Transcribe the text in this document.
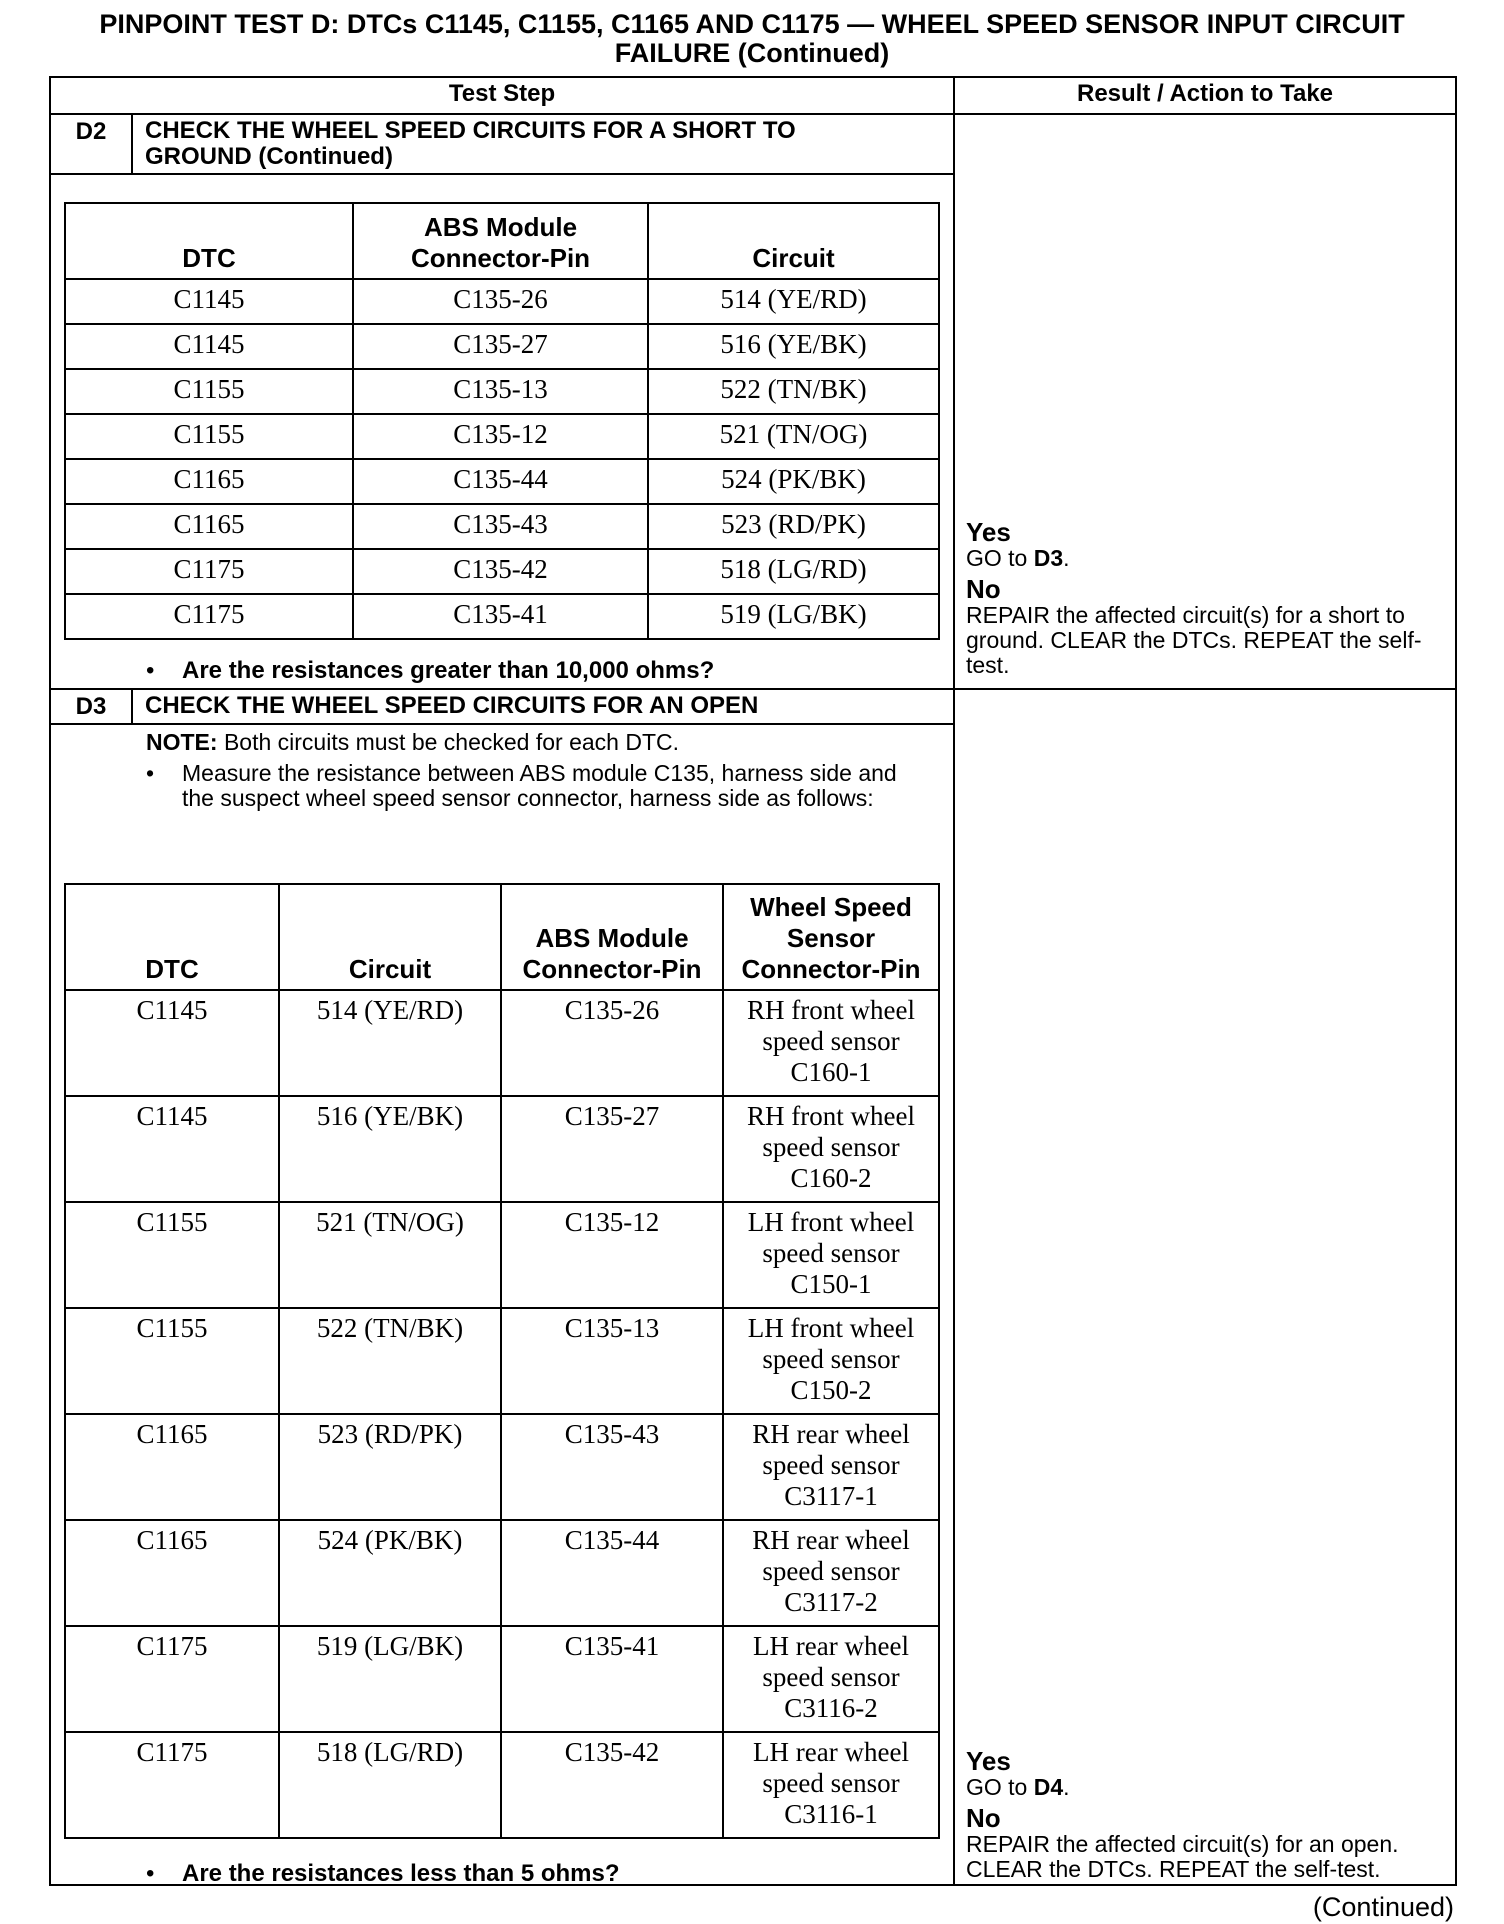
PINPOINT TEST D: DTCs C1145, C1155, C1165 AND C1175 — WHEEL SPEED SENSOR INPUT CIRCUIT
FAILURE (Continued)
Test Step	Result / Action to Take
D2	CHECK THE WHEEL SPEED CIRCUITS FOR A SHORT TO GROUND (Continued)
DTC	ABS Module Connector-Pin	Circuit
C1145	C135-26	514 (YE/RD)
C1145	C135-27	516 (YE/BK)
C1155	C135-13	522 (TN/BK)
C1155	C135-12	521 (TN/OG)
C1165	C135-44	524 (PK/BK)
C1165	C135-43	523 (RD/PK)
C1175	C135-42	518 (LG/RD)
C1175	C135-41	519 (LG/BK)
• Are the resistances greater than 10,000 ohms?
Yes
GO to D3.
No
REPAIR the affected circuit(s) for a short to ground. CLEAR the DTCs. REPEAT the self-test.
D3	CHECK THE WHEEL SPEED CIRCUITS FOR AN OPEN
NOTE: Both circuits must be checked for each DTC.
• Measure the resistance between ABS module C135, harness side and the suspect wheel speed sensor connector, harness side as follows:
DTC	Circuit	ABS Module Connector-Pin	Wheel Speed Sensor Connector-Pin
C1145	514 (YE/RD)	C135-26	RH front wheel speed sensor C160-1
C1145	516 (YE/BK)	C135-27	RH front wheel speed sensor C160-2
C1155	521 (TN/OG)	C135-12	LH front wheel speed sensor C150-1
C1155	522 (TN/BK)	C135-13	LH front wheel speed sensor C150-2
C1165	523 (RD/PK)	C135-43	RH rear wheel speed sensor C3117-1
C1165	524 (PK/BK)	C135-44	RH rear wheel speed sensor C3117-2
C1175	519 (LG/BK)	C135-41	LH rear wheel speed sensor C3116-2
C1175	518 (LG/RD)	C135-42	LH rear wheel speed sensor C3116-1
• Are the resistances less than 5 ohms?
Yes
GO to D4.
No
REPAIR the affected circuit(s) for an open. CLEAR the DTCs. REPEAT the self-test.
(Continued)
